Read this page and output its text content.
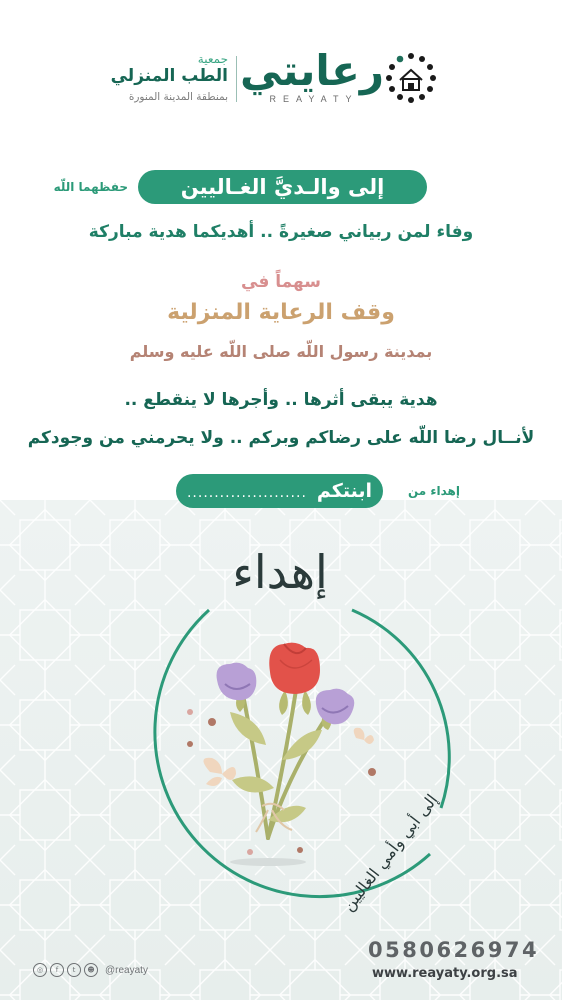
رعايتي
REAYATY
جمعية
الطب المنزلي
بمنطقة المدينة المنورة
إلى والـديَّ الغـاليين
حفظهما اللّه
وفاء لمن ربياني صغيرةً .. أهديكما هدية مباركة
سهماً في
وقف الرعاية المنزلية
بمدينة رسول اللّه صلى اللّه عليه وسلم
هدية يبقى أثرها .. وأجرها لا ينقطع ..
لأنــال رضا اللّه على رضاكم وبركم .. ولا يحرمني من وجودكم
ابنتكم......................	إهداء من
إهداء
إلى أبي وأمي الغاليين
0580626974
www.reayaty.org.sa
◎	f	t	☻	@reayaty
